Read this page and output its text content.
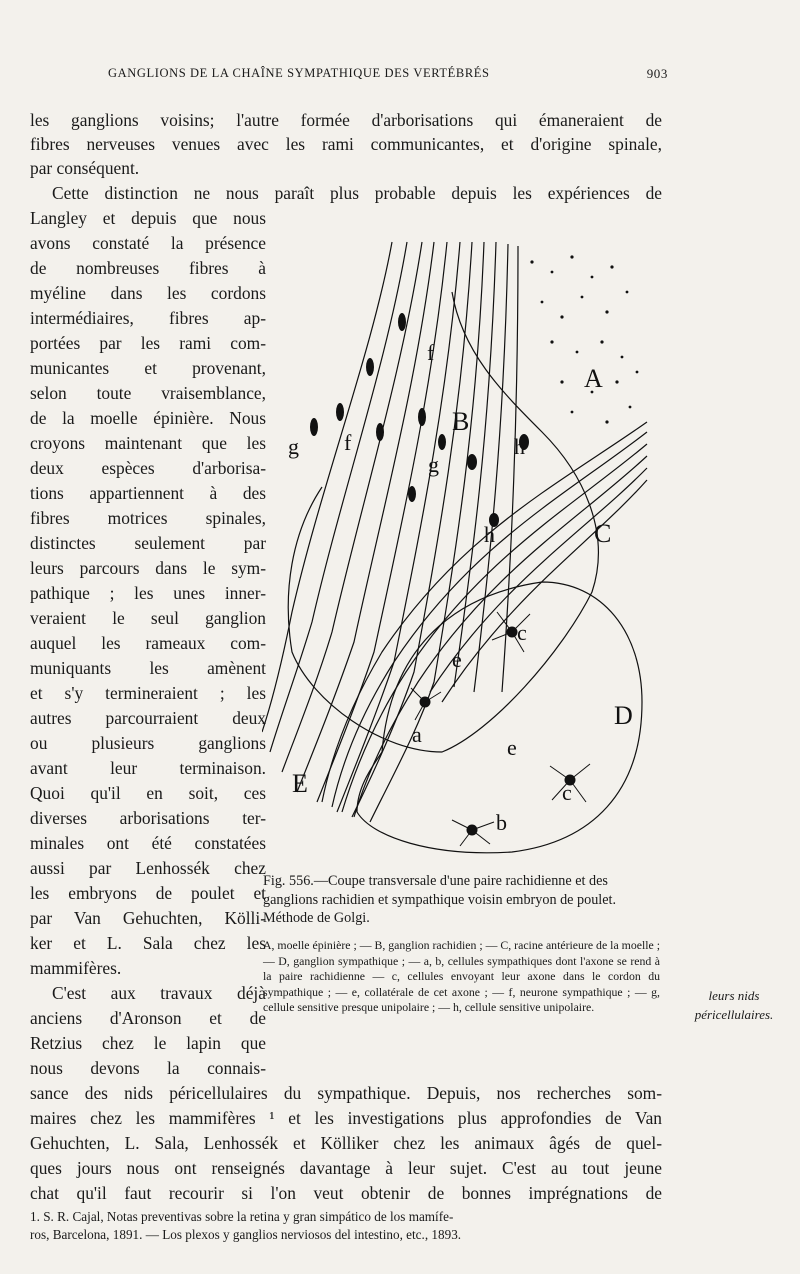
GANGLIONS DE LA CHAÎNE SYMPATHIQUE DES VERTÉBRÉS	903
les ganglions voisins; l'autre formée d'arborisations qui émaneraient de
fibres nerveuses venues avec les rami communicantes, et d'origine spinale,
par conséquent.
Cette distinction ne nous paraît plus probable depuis les expériences de
Langley et depuis que nous
avons constaté la présence
de nombreuses fibres à
myéline dans les cordons
intermédiaires, fibres ap-
portées par les rami com-
municantes et provenant,
selon toute vraisemblance,
de la moelle épinière. Nous
croyons maintenant que les
deux espèces d'arborisa-
tions appartiennent à des
fibres motrices spinales,
distinctes seulement par
leurs parcours dans le sym-
pathique ; les unes inner-
veraient le seul ganglion
auquel les rameaux com-
muniquants les amènent
et s'y termineraient ; les
autres parcourraient deux
ou plusieurs ganglions
avant leur terminaison.
Quoi qu'il en soit, ces
diverses arborisations ter-
minales ont été constatées
aussi par Lenhossék chez
les embryons de poulet et
par Van Gehuchten, Kölli-
ker et L. Sala chez les
mammifères.
C'est aux travaux déjà
anciens d'Aronson et de
Retzius chez le lapin que
nous devons la connais-
sance des nids péricellulaires du sympathique. Depuis, nos recherches som-
maires chez les mammifères ¹ et les investigations plus approfondies de Van
Gehuchten, L. Sala, Lenhossék et Kölliker chez les animaux âgés de quel-
ques jours nous ont renseignés davantage à leur sujet. C'est au tout jeune
chat qu'il faut recourir si l'on veut obtenir de bonnes imprégnations de
A
B
C
D
E
a
b
c
c
e
e
f
f
g
g
h
h
Fig. 556.—Coupe transversale d'une paire rachidienne et des ganglions rachidien et sympathique voisin embryon de poulet. Méthode de Golgi.
A, moelle épinière ; — B, ganglion rachidien ; — C, racine antérieure de la moelle ; — D, ganglion sympathique ; — a, b, cellules sympathiques dont l'axone se rend à la paire rachidienne — c, cellules envoyant leur axone dans le cordon du sympathique ; — e, collatérale de cet axone ; — f, neurone sympathique ; — g, cellule sensitive presque unipolaire ; — h, cellule sensitive unipolaire.
leurs nids péricellulaires.
1. S. R. Cajal, Notas preventivas sobre la retina y gran simpático de los mamífe-
ros, Barcelona, 1891. — Los plexos y ganglios nerviosos del intestino, etc., 1893.
